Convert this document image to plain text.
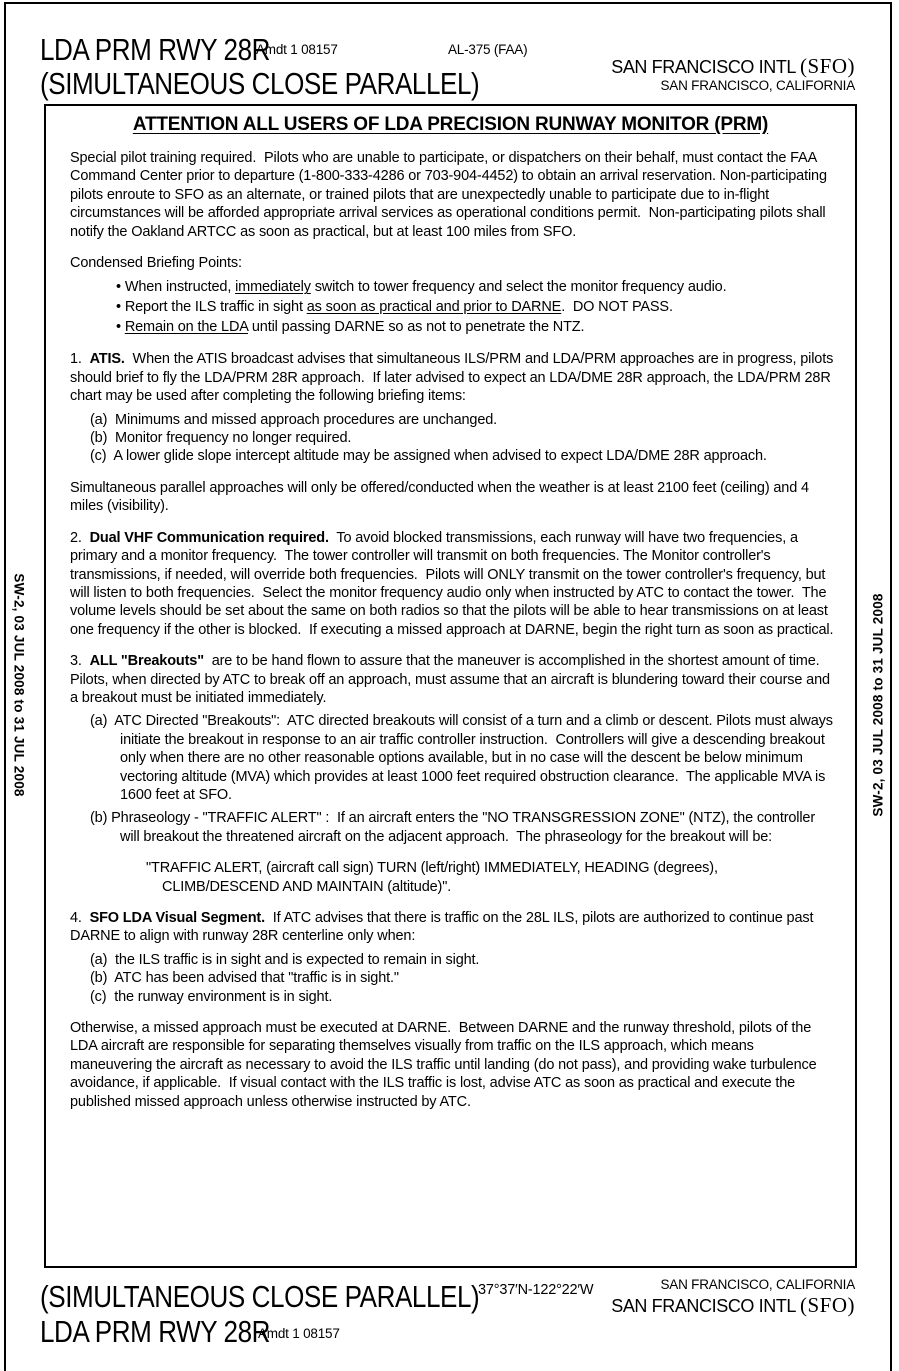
LDA PRM RWY 28R
Amdt 1 08157	AL-375 (FAA)
(SIMULTANEOUS CLOSE PARALLEL)	SAN FRANCISCO INTL (SFO)
SAN FRANCISCO, CALIFORNIA
ATTENTION ALL USERS OF LDA PRECISION RUNWAY MONITOR (PRM)
Special pilot training required.  Pilots who are unable to participate, or dispatchers on their behalf, must contact the FAA Command Center prior to departure (1-800-333-4286 or 703-904-4452) to obtain an arrival reservation. Non-participating pilots enroute to SFO as an alternate, or trained pilots that are unexpectedly unable to participate due to in-flight circumstances will be afforded appropriate arrival services as operational conditions permit.  Non-participating pilots shall notify the Oakland ARTCC as soon as practical, but at least 100 miles from SFO.
Condensed Briefing Points:
• When instructed, immediately switch to tower frequency and select the monitor frequency audio.
• Report the ILS traffic in sight as soon as practical and prior to DARNE.  DO NOT PASS.
• Remain on the LDA until passing DARNE so as not to penetrate the NTZ.
1.  ATIS.  When the ATIS broadcast advises that simultaneous ILS/PRM and LDA/PRM approaches are in progress, pilots should brief to fly the LDA/PRM 28R approach.  If later advised to expect an LDA/DME 28R approach, the LDA/PRM 28R chart may be used after completing the following briefing items:
(a)  Minimums and missed approach procedures are unchanged.
(b)  Monitor frequency no longer required.
(c)  A lower glide slope intercept altitude may be assigned when advised to expect LDA/DME 28R approach.
Simultaneous parallel approaches will only be offered/conducted when the weather is at least 2100 feet (ceiling) and 4 miles (visibility).
2.  Dual VHF Communication required.  To avoid blocked transmissions, each runway will have two frequencies, a primary and a monitor frequency.  The tower controller will transmit on both frequencies. The Monitor controller's transmissions, if needed, will override both frequencies.  Pilots will ONLY transmit on the tower controller's frequency, but will listen to both frequencies.  Select the monitor frequency audio only when instructed by ATC to contact the tower.  The volume levels should be set about the same on both radios so that the pilots will be able to hear transmissions on at least one frequency if the other is blocked.  If executing a missed approach at DARNE, begin the right turn as soon as practical.
3.  ALL "Breakouts"  are to be hand flown to assure that the maneuver is accomplished in the shortest amount of time. Pilots, when directed by ATC to break off an approach, must assume that an aircraft is blundering toward their course and a breakout must be initiated immediately.
(a)  ATC Directed "Breakouts":  ATC directed breakouts will consist of a turn and a climb or descent. Pilots must always initiate the breakout in response to an air traffic controller instruction.  Controllers will give a descending breakout only when there are no other reasonable options available, but in no case will the descent be below minimum vectoring altitude (MVA) which provides at least 1000 feet required obstruction clearance.  The applicable MVA is 1600 feet at SFO.
(b) Phraseology - "TRAFFIC ALERT" :  If an aircraft enters the "NO TRANSGRESSION ZONE" (NTZ), the controller will breakout the threatened aircraft on the adjacent approach.  The phraseology for the breakout will be:
"TRAFFIC ALERT, (aircraft call sign) TURN (left/right) IMMEDIATELY, HEADING (degrees), CLIMB/DESCEND AND MAINTAIN (altitude)".
4.  SFO LDA Visual Segment.  If ATC advises that there is traffic on the 28L ILS, pilots are authorized to continue past DARNE to align with runway 28R centerline only when:
(a)  the ILS traffic is in sight and is expected to remain in sight.
(b)  ATC has been advised that "traffic is in sight."
(c)  the runway environment is in sight.
Otherwise, a missed approach must be executed at DARNE.  Between DARNE and the runway threshold, pilots of the LDA aircraft are responsible for separating themselves visually from traffic on the ILS approach, which means maneuvering the aircraft as necessary to avoid the ILS traffic until landing (do not pass), and providing wake turbulence avoidance, if applicable.  If visual contact with the ILS traffic is lost, advise ATC as soon as practical and execute the published missed approach unless otherwise instructed by ATC.
SW-2, 03 JUL 2008 to 31 JUL 2008	SW-2, 03 JUL 2008 to 31 JUL 2008
(SIMULTANEOUS CLOSE PARALLEL)
LDA PRM RWY 28R
Amdt 1 08157
37°37′N-122°22′W	SAN FRANCISCO, CALIFORNIA
SAN FRANCISCO INTL (SFO)
